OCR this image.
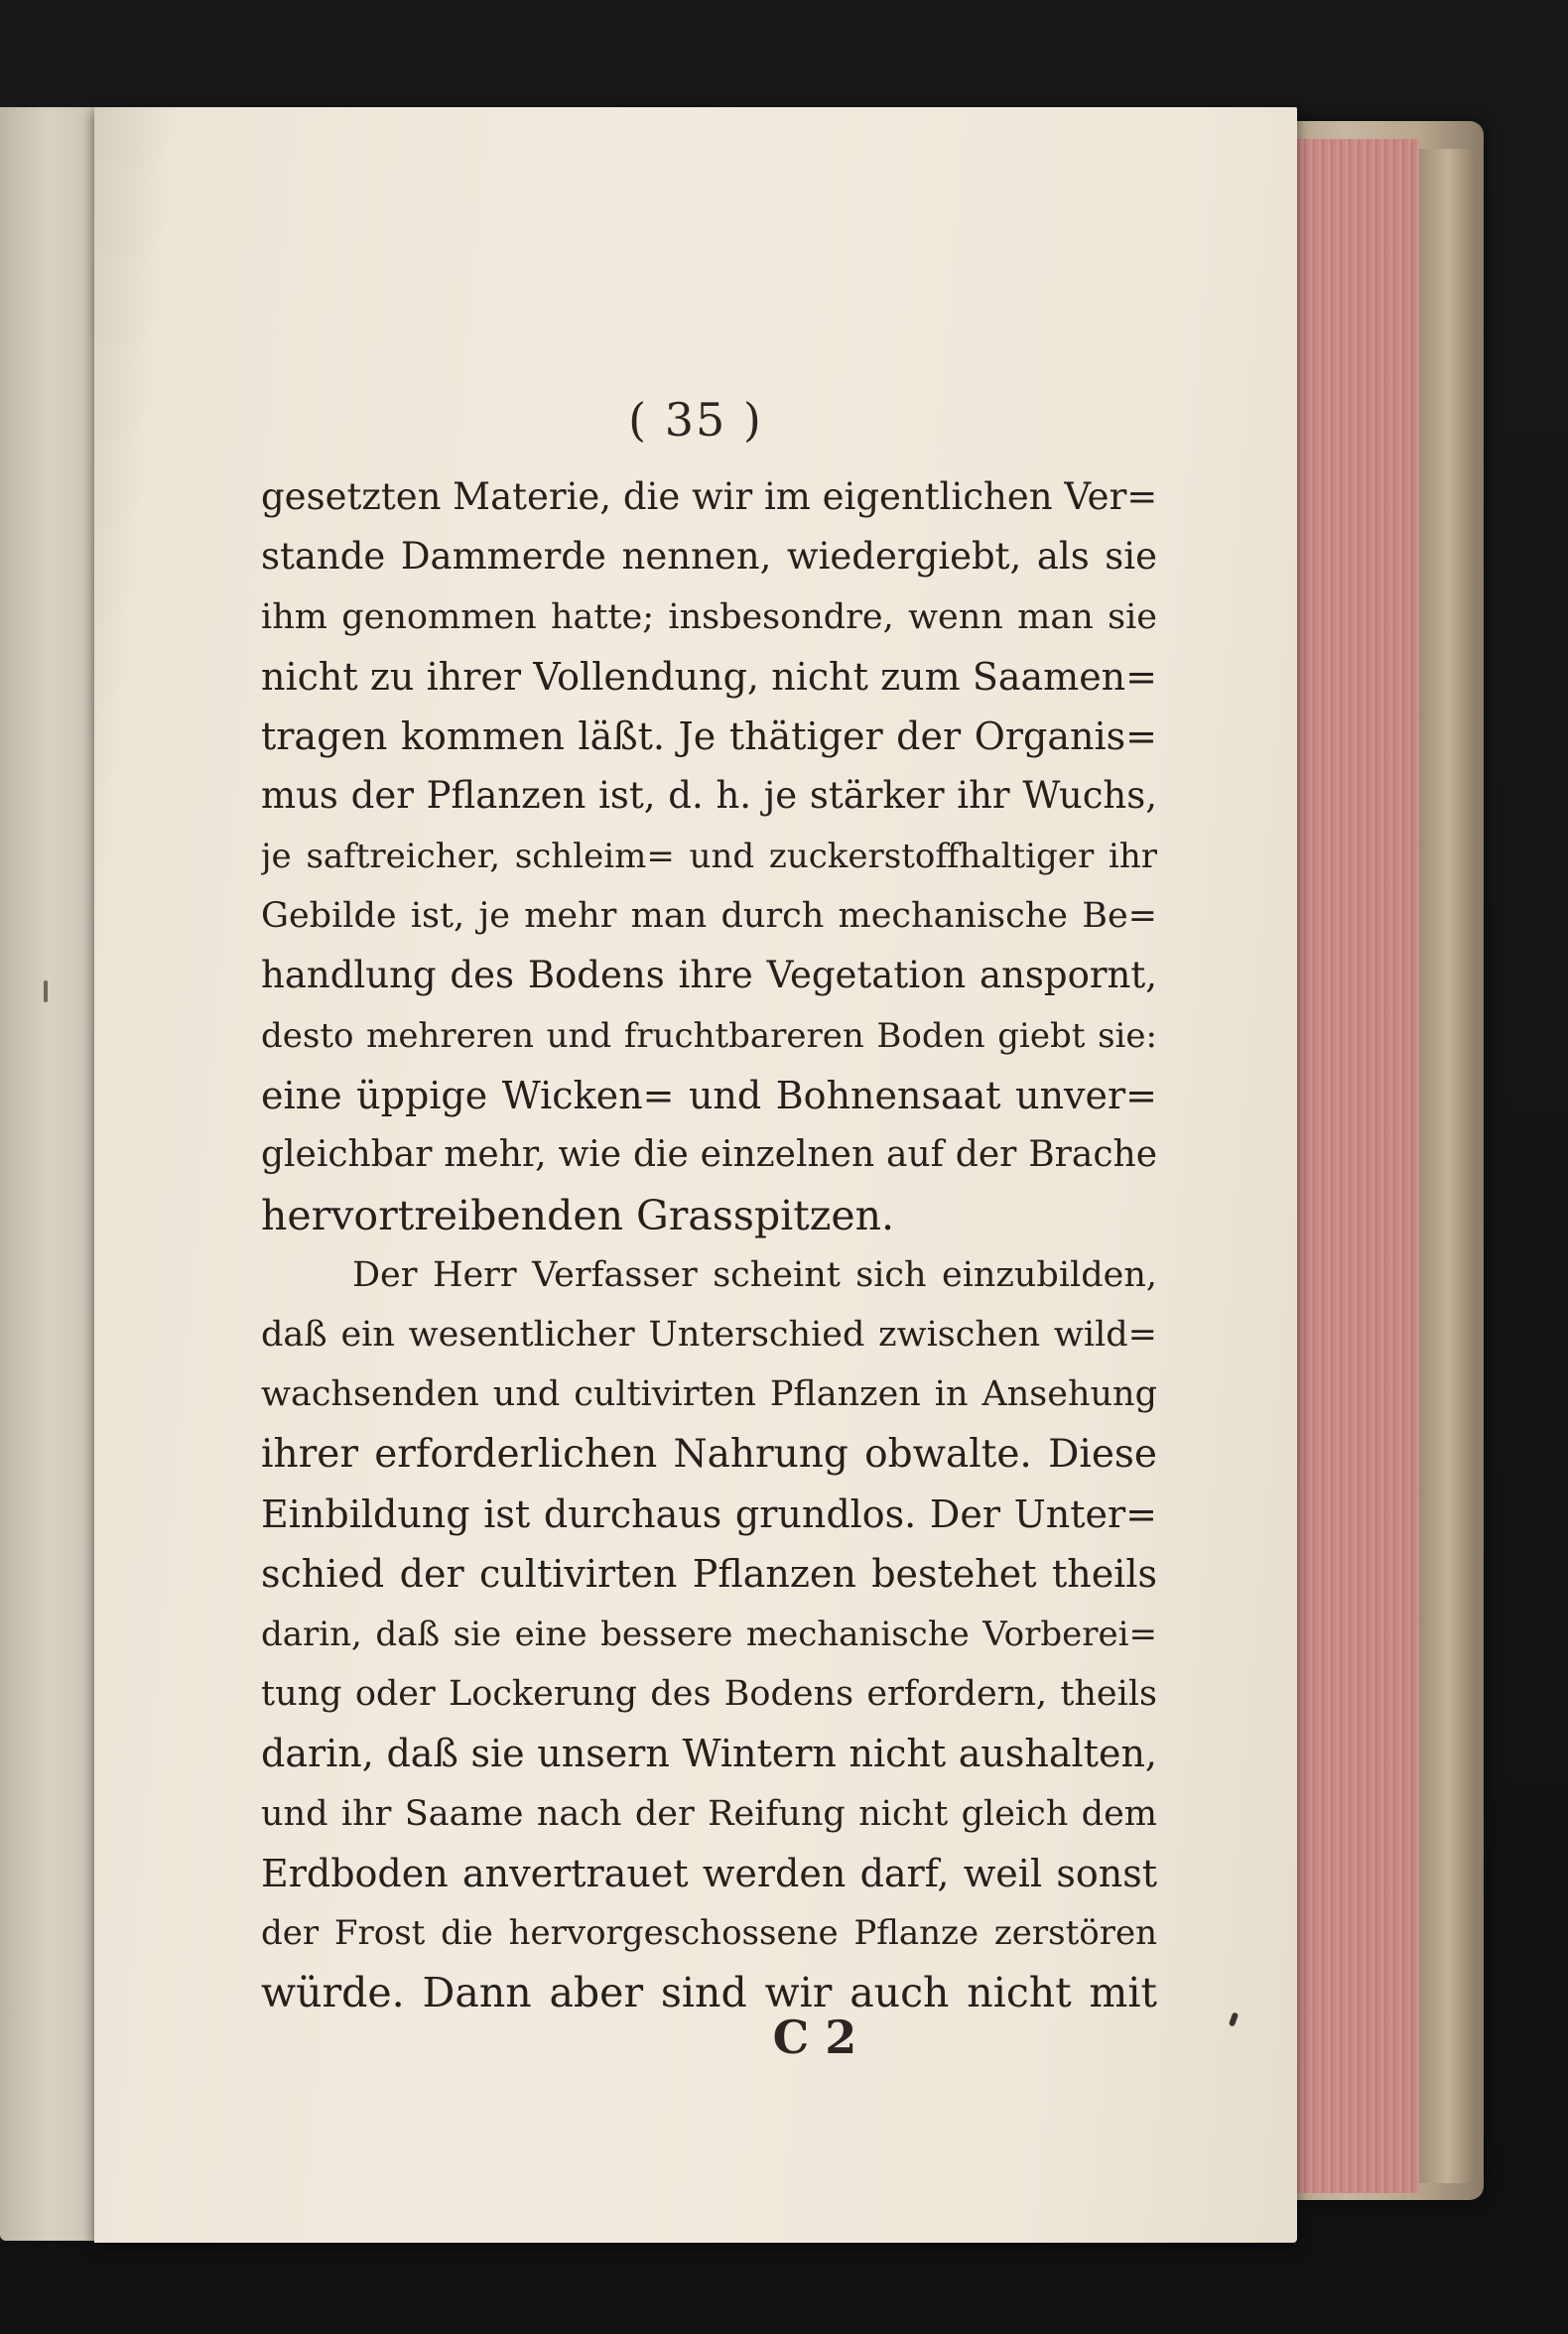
( 35 )
gesetzten Materie, die wir im eigentlichen Ver=
stande Dammerde nennen, wiedergiebt, als sie
ihm genommen hatte; insbesondre, wenn man sie
nicht zu ihrer Vollendung, nicht zum Saamen=
tragen kommen läßt. Je thätiger der Organis=
mus der Pflanzen ist, d. h. je stärker ihr Wuchs,
je saftreicher, schleim= und zuckerstoffhaltiger ihr
Gebilde ist, je mehr man durch mechanische Be=
handlung des Bodens ihre Vegetation anspornt,
desto mehreren und fruchtbareren Boden giebt sie:
eine üppige Wicken= und Bohnensaat unver=
gleichbar mehr, wie die einzelnen auf der Brache
hervortreibenden Grasspitzen.
Der Herr Verfasser scheint sich einzubilden,
daß ein wesentlicher Unterschied zwischen wild=
wachsenden und cultivirten Pflanzen in Ansehung
ihrer erforderlichen Nahrung obwalte. Diese
Einbildung ist durchaus grundlos. Der Unter=
schied der cultivirten Pflanzen bestehet theils
darin, daß sie eine bessere mechanische Vorberei=
tung oder Lockerung des Bodens erfordern, theils
darin, daß sie unsern Wintern nicht aushalten,
und ihr Saame nach der Reifung nicht gleich dem
Erdboden anvertrauet werden darf, weil sonst
der Frost die hervorgeschossene Pflanze zerstören
würde. Dann aber sind wir auch nicht mit
C 2
